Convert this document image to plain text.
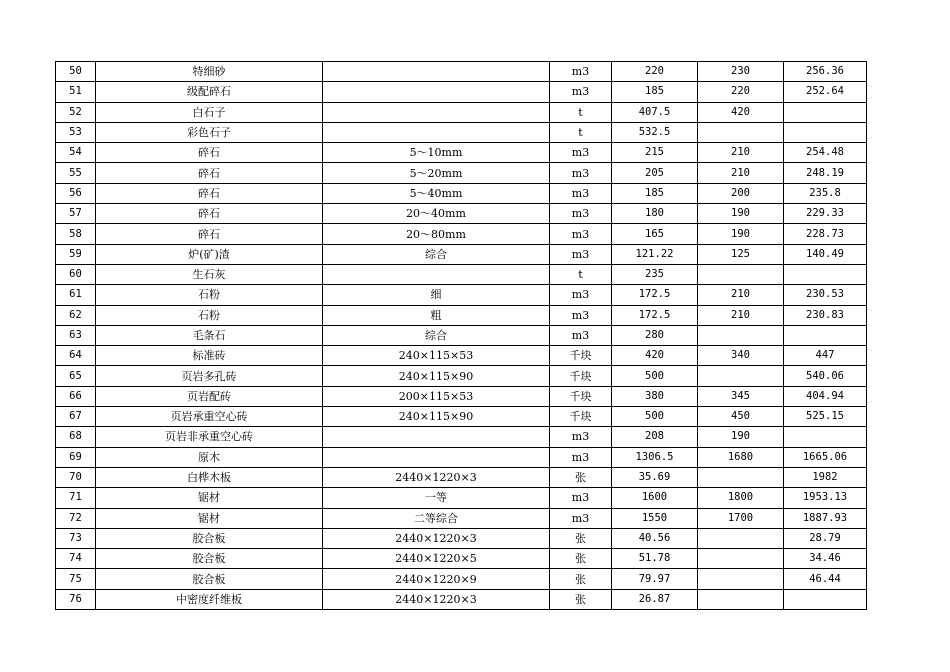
50	特细砂		m3	220	230	256.36
51	级配碎石		m3	185	220	252.64
52	白石子		t	407.5	420	
53	彩色石子		t	532.5		
54	碎石	5～10mm	m3	215	210	254.48
55	碎石	5～20mm	m3	205	210	248.19
56	碎石	5～40mm	m3	185	200	235.8
57	碎石	20～40mm	m3	180	190	229.33
58	碎石	20～80mm	m3	165	190	228.73
59	炉(矿)渣	综合	m3	121.22	125	140.49
60	生石灰		t	235		
61	石粉	细	m3	172.5	210	230.53
62	石粉	粗	m3	172.5	210	230.83
63	毛条石	综合	m3	280		
64	标准砖	240×115×53	千块	420	340	447
65	页岩多孔砖	240×115×90	千块	500		540.06
66	页岩配砖	200×115×53	千块	380	345	404.94
67	页岩承重空心砖	240×115×90	千块	500	450	525.15
68	页岩非承重空心砖		m3	208	190	
69	原木		m3	1306.5	1680	1665.06
70	白桦木板	2440×1220×3	张	35.69		1982
71	锯材	一等	m3	1600	1800	1953.13
72	锯材	二等综合	m3	1550	1700	1887.93
73	胶合板	2440×1220×3	张	40.56		28.79
74	胶合板	2440×1220×5	张	51.78		34.46
75	胶合板	2440×1220×9	张	79.97		46.44
76	中密度纤维板	2440×1220×3	张	26.87		
